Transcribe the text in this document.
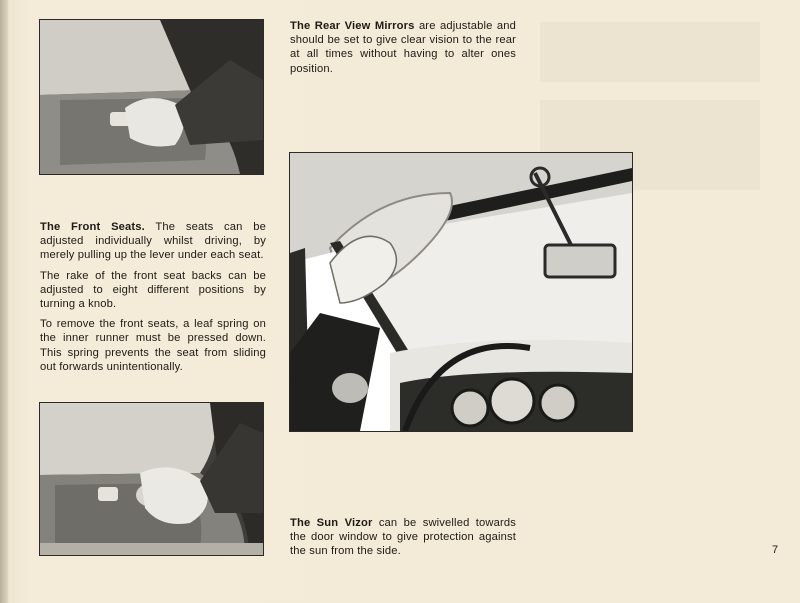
The Rear View Mirrors are adjustable and should be set to give clear vision to the rear at all times without having to alter ones position.

The Front Seats. The seats can be adjusted individually whilst driving, by merely pulling up the lever under each seat.

The rake of the front seat backs can be adjusted to eight different positions by turning a knob.

To remove the front seats, a leaf spring on the inner runner must be pressed down. This spring prevents the seat from sliding out forwards unintentionally.

The Sun Vizor can be swivelled towards the door window to give protection against the sun from the side.	7
